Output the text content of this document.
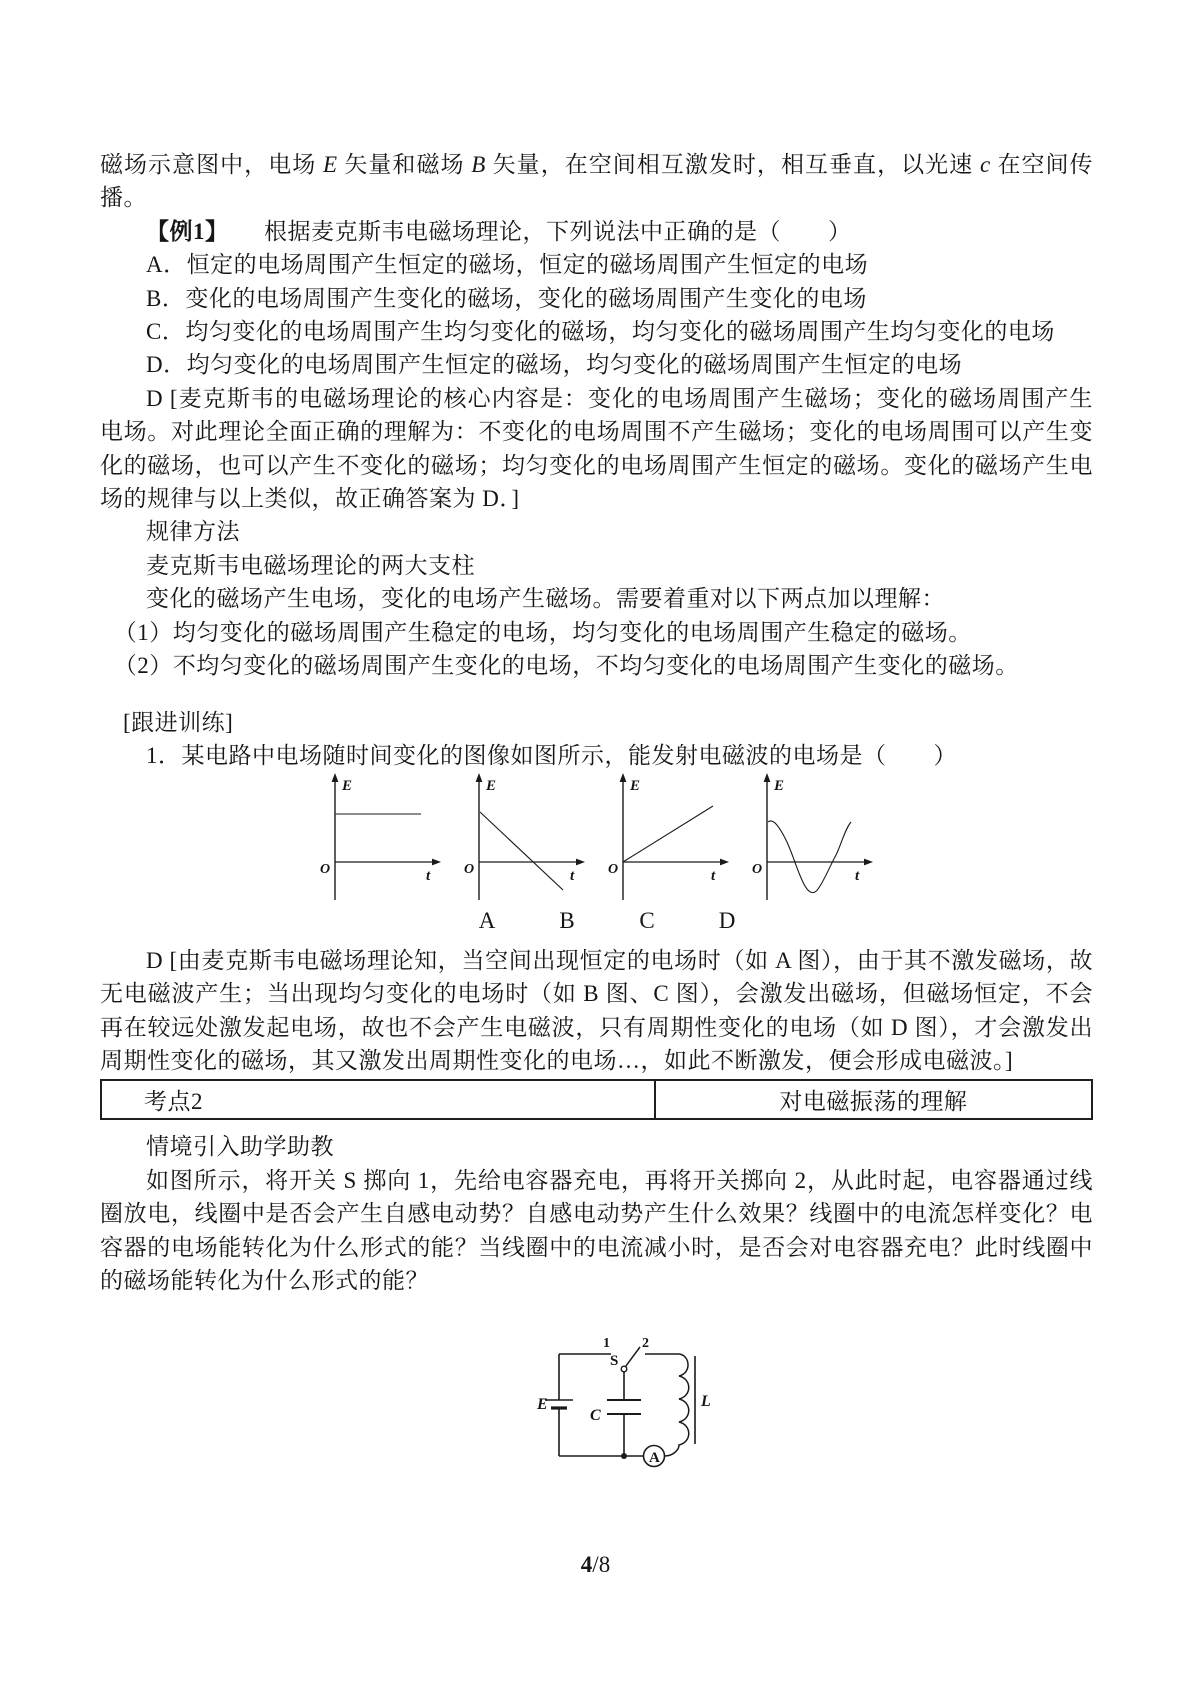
磁场示意图中，电场 E 矢量和磁场 B 矢量，在空间相互激发时，相互垂直，以光速 c 在空间传播。

【例1】　　根据麦克斯韦电磁场理论，下列说法中正确的是（　　）

A．恒定的电场周围产生恒定的磁场，恒定的磁场周围产生恒定的电场

B．变化的电场周围产生变化的磁场，变化的磁场周围产生变化的电场

C．均匀变化的电场周围产生均匀变化的磁场，均匀变化的磁场周围产生均匀变化的电场

D．均匀变化的电场周围产生恒定的磁场，均匀变化的磁场周围产生恒定的电场

D [麦克斯韦的电磁场理论的核心内容是：变化的电场周围产生磁场；变化的磁场周围产生电场。对此理论全面正确的理解为：不变化的电场周围不产生磁场；变化的电场周围可以产生变化的磁场，也可以产生不变化的磁场；均匀变化的电场周围产生恒定的磁场。变化的磁场产生电场的规律与以上类似，故正确答案为 D．]

规律方法

麦克斯韦电磁场理论的两大支柱

变化的磁场产生电场，变化的电场产生磁场。需要着重对以下两点加以理解：

（1）均匀变化的磁场周围产生稳定的电场，均匀变化的电场周围产生稳定的磁场。

（2）不均匀变化的磁场周围产生变化的电场，不均匀变化的电场周围产生变化的磁场。

[跟进训练]

1．某电路中电场随时间变化的图像如图所示，能发射电磁波的电场是（　　）

E
O	t
E
O	t
E
O	t
E
O	t
A	B	C	D

D [由麦克斯韦电磁场理论知，当空间出现恒定的电场时（如 A 图），由于其不激发磁场，故无电磁波产生；当出现均匀变化的电场时（如 B 图、C 图），会激发出磁场，但磁场恒定，不会再在较远处激发起电场，故也不会产生电磁波，只有周期性变化的电场（如 D 图），才会激发出周期性变化的磁场，其又激发出周期性变化的电场…，如此不断激发，便会形成电磁波。]

考点2	对电磁振荡的理解

情境引入助学助教

如图所示，将开关 S 掷向 1，先给电容器充电，再将开关掷向 2，从此时起，电容器通过线圈放电，线圈中是否会产生自感电动势？自感电动势产生什么效果？线圈中的电流怎样变化？电容器的电场能转化为什么形式的能？当线圈中的电流减小时，是否会对电容器充电？此时线圈中的磁场能转化为什么形式的能？

E
S
1 2
C
A
L
4/8
